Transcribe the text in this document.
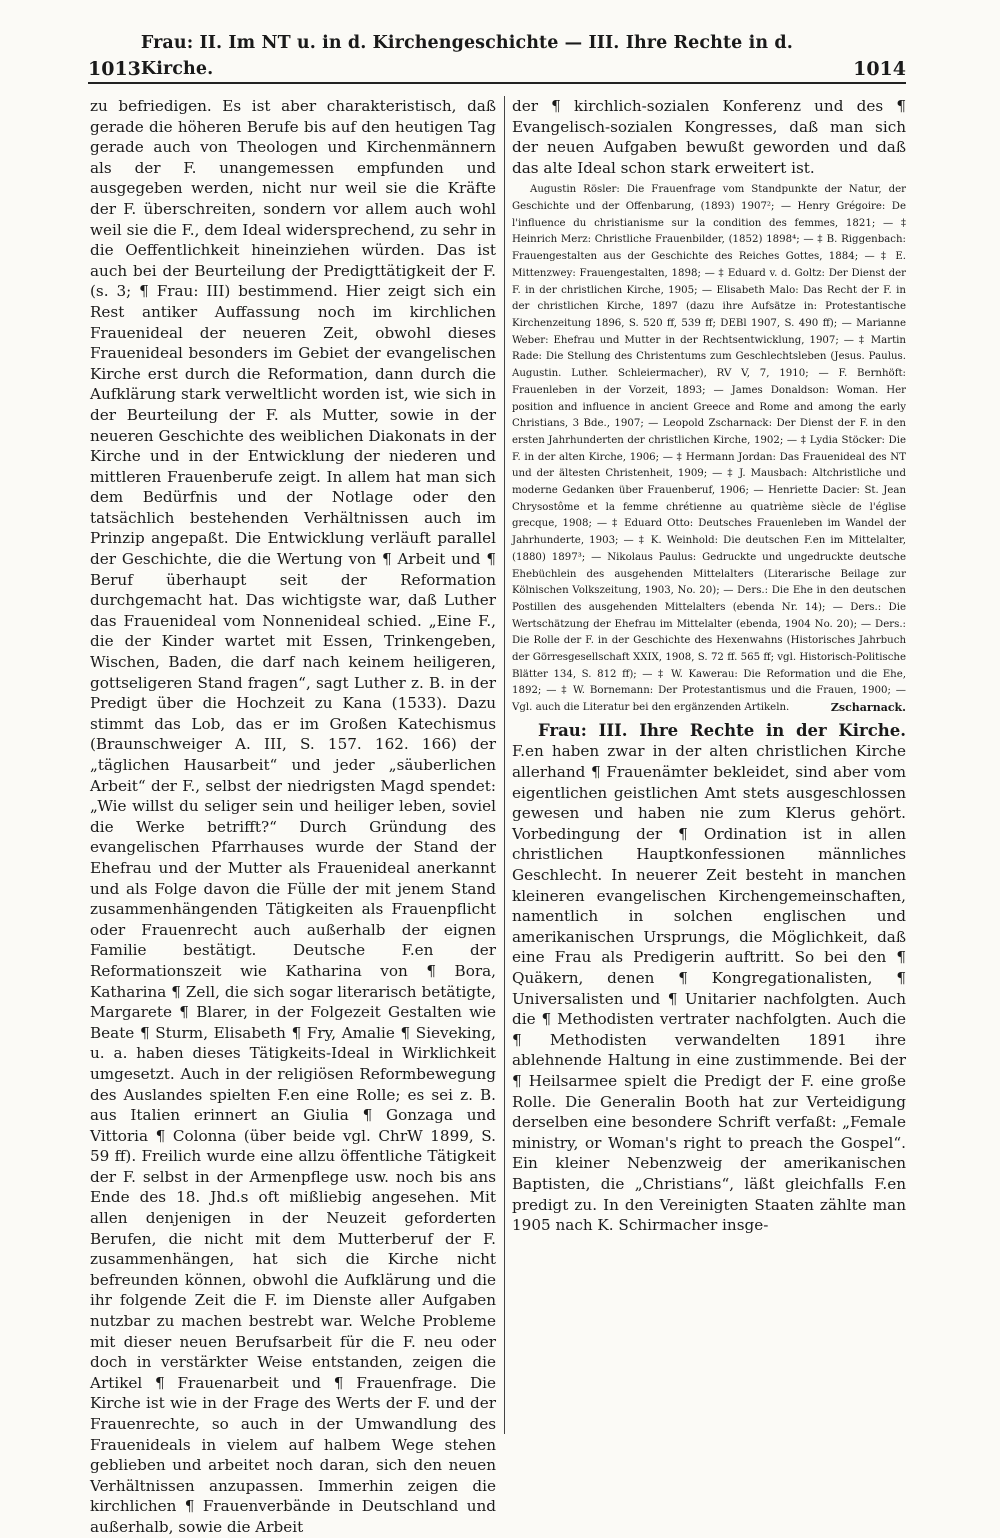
1013
Frau: II. Im NT u. in d. Kirchengeschichte — III. Ihre Rechte in d. Kirche.	1014

zu befriedigen. Es ist aber charakteristisch, daß gerade die höheren Berufe bis auf den heutigen Tag gerade auch von Theologen und Kirchenmännern als der F. unangemessen empfunden und ausgegeben werden, nicht nur weil sie die Kräfte der F. überschreiten, sondern vor allem auch wohl weil sie die F., dem Ideal widersprechend, zu sehr in die Oeffentlichkeit hineinziehen würden. Das ist auch bei der Beurteilung der Predigttätigkeit der F. (s. 3; ¶ Frau: III) bestimmend. Hier zeigt sich ein Rest antiker Auffassung noch im kirchlichen Frauenideal der neueren Zeit, obwohl dieses Frauenideal besonders im Gebiet der evangelischen Kirche erst durch die Reformation, dann durch die Aufklärung stark verweltlicht worden ist, wie sich in der Beurteilung der F. als Mutter, sowie in der neueren Geschichte des weiblichen Diakonats in der Kirche und in der Entwicklung der niederen und mittleren Frauenberufe zeigt. In allem hat man sich dem Bedürfnis und der Notlage oder den tatsächlich bestehenden Verhältnissen auch im Prinzip angepaßt. Die Entwicklung verläuft parallel der Geschichte, die die Wertung von ¶ Arbeit und ¶ Beruf überhaupt seit der Reformation durchgemacht hat. Das wichtigste war, daß Luther das Frauenideal vom Nonnenideal schied. „Eine F., die der Kinder wartet mit Essen, Trinkengeben, Wischen, Baden, die darf nach keinem heiligeren, gottseligeren Stand fragen“, sagt Luther z. B. in der Predigt über die Hochzeit zu Kana (1533). Dazu stimmt das Lob, das er im Großen Katechismus (Braunschweiger A. III, S. 157. 162. 166) der „täglichen Hausarbeit“ und jeder „säuberlichen Arbeit“ der F., selbst der niedrigsten Magd spendet: „Wie willst du seliger sein und heiliger leben, soviel die Werke betrifft?“ Durch Gründung des evangelischen Pfarrhauses wurde der Stand der Ehefrau und der Mutter als Frauenideal anerkannt und als Folge davon die Fülle der mit jenem Stand zusammenhängenden Tätigkeiten als Frauenpflicht oder Frauenrecht auch außerhalb der eignen Familie bestätigt. Deutsche F.en der Reformationszeit wie Katharina von ¶ Bora, Katharina ¶ Zell, die sich sogar literarisch betätigte, Margarete ¶ Blarer, in der Folgezeit Gestalten wie Beate ¶ Sturm, Elisabeth ¶ Fry, Amalie ¶ Sieveking, u. a. haben dieses Tätigkeits-Ideal in Wirklichkeit umgesetzt. Auch in der religiösen Reformbewegung des Auslandes spielten F.en eine Rolle; es sei z. B. aus Italien erinnert an Giulia ¶ Gonzaga und Vittoria ¶ Colonna (über beide vgl. ChrW 1899, S. 59 ff). Freilich wurde eine allzu öffentliche Tätigkeit der F. selbst in der Armenpflege usw. noch bis ans Ende des 18. Jhd.s oft mißliebig angesehen. Mit allen denjenigen in der Neuzeit geforderten Berufen, die nicht mit dem Mutterberuf der F. zusammenhängen, hat sich die Kirche nicht befreunden können, obwohl die Aufklärung und die ihr folgende Zeit die F. im Dienste aller Aufgaben nutzbar zu machen bestrebt war. Welche Probleme mit dieser neuen Berufsarbeit für die F. neu oder doch in verstärkter Weise entstanden, zeigen die Artikel ¶ Frauenarbeit und ¶ Frauenfrage. Die Kirche ist wie in der Frage des Werts der F. und der Frauenrechte, so auch in der Umwandlung des Frauenideals in vielem auf halbem Wege stehen geblieben und arbeitet noch daran, sich den neuen Verhältnissen anzupassen. Immerhin zeigen die kirchlichen ¶ Frauenverbände in Deutschland und außerhalb, sowie die Arbeit

der ¶ kirchlich-sozialen Konferenz und des ¶ Evangelisch-sozialen Kongresses, daß man sich der neuen Aufgaben bewußt geworden und daß das alte Ideal schon stark erweitert ist.

Augustin Rösler: Die Frauenfrage vom Standpunkte der Natur, der Geschichte und der Offenbarung, (1893) 1907²; — Henry Grégoire: De l'influence du christianisme sur la condition des femmes, 1821; — ‡ Heinrich Merz: Christliche Frauenbilder, (1852) 1898⁴; — ‡ B. Riggenbach: Frauengestalten aus der Geschichte des Reiches Gottes, 1884; — ‡ E. Mittenzwey: Frauengestalten, 1898; — ‡ Eduard v. d. Goltz: Der Dienst der F. in der christlichen Kirche, 1905; — Elisabeth Malo: Das Recht der F. in der christlichen Kirche, 1897 (dazu ihre Aufsätze in: Protestantische Kirchenzeitung 1896, S. 520 ff, 539 ff; DEBl 1907, S. 490 ff); — Marianne Weber: Ehefrau und Mutter in der Rechtsentwicklung, 1907; — ‡ Martin Rade: Die Stellung des Christentums zum Geschlechtsleben (Jesus. Paulus. Augustin. Luther. Schleiermacher), RV V, 7, 1910; — F. Bernhöft: Frauenleben in der Vorzeit, 1893; — James Donaldson: Woman. Her position and influence in ancient Greece and Rome and among the early Christians, 3 Bde., 1907; — Leopold Zscharnack: Der Dienst der F. in den ersten Jahrhunderten der christlichen Kirche, 1902; — ‡ Lydia Stöcker: Die F. in der alten Kirche, 1906; — ‡ Hermann Jordan: Das Frauenideal des NT und der ältesten Christenheit, 1909; — ‡ J. Mausbach: Altchristliche und moderne Gedanken über Frauenberuf, 1906; — Henriette Dacier: St. Jean Chrysostôme et la femme chrétienne au quatrième siècle de l'église grecque, 1908; — ‡ Eduard Otto: Deutsches Frauenleben im Wandel der Jahrhunderte, 1903; — ‡ K. Weinhold: Die deutschen F.en im Mittelalter, (1880) 1897³; — Nikolaus Paulus: Gedruckte und ungedruckte deutsche Ehebüchlein des ausgehenden Mittelalters (Literarische Beilage zur Kölnischen Volkszeitung, 1903, No. 20); — Ders.: Die Ehe in den deutschen Postillen des ausgehenden Mittelalters (ebenda Nr. 14); — Ders.: Die Wertschätzung der Ehefrau im Mittelalter (ebenda, 1904 No. 20); — Ders.: Die Rolle der F. in der Geschichte des Hexenwahns (Historisches Jahrbuch der Görresgesellschaft XXIX, 1908, S. 72 ff. 565 ff; vgl. Historisch-Politische Blätter 134, S. 812 ff); — ‡ W. Kawerau: Die Reformation und die Ehe, 1892; — ‡ W. Bornemann: Der Protestantismus und die Frauen, 1900; — Vgl. auch die Literatur bei den ergänzenden Artikeln.	Zscharnack.

Frau: III. Ihre Rechte in der Kirche. F.en haben zwar in der alten christlichen Kirche allerhand ¶ Frauenämter bekleidet, sind aber vom eigentlichen geistlichen Amt stets ausgeschlossen gewesen und haben nie zum Klerus gehört. Vorbedingung der ¶ Ordination ist in allen christlichen Hauptkonfessionen männliches Geschlecht. In neuerer Zeit besteht in manchen kleineren evangelischen Kirchengemeinschaften, namentlich in solchen englischen und amerikanischen Ursprungs, die Möglichkeit, daß eine Frau als Predigerin auftritt. So bei den ¶ Quäkern, denen ¶ Kongregationalisten, ¶ Universalisten und ¶ Unitarier nachfolgten. Auch die ¶ Methodisten vertrater nachfolgten. Auch die ¶ Methodisten verwandelten 1891 ihre ablehnende Haltung in eine zustimmende. Bei der ¶ Heilsarmee spielt die Predigt der F. eine große Rolle. Die Generalin Booth hat zur Verteidigung derselben eine besondere Schrift verfaßt: „Female ministry, or Woman's right to preach the Gospel“. Ein kleiner Nebenzweig der amerikanischen Baptisten, die „Christians“, läßt gleichfalls F.en predigt zu. In den Vereinigten Staaten zählte man 1905 nach K. Schirmacher insge-
